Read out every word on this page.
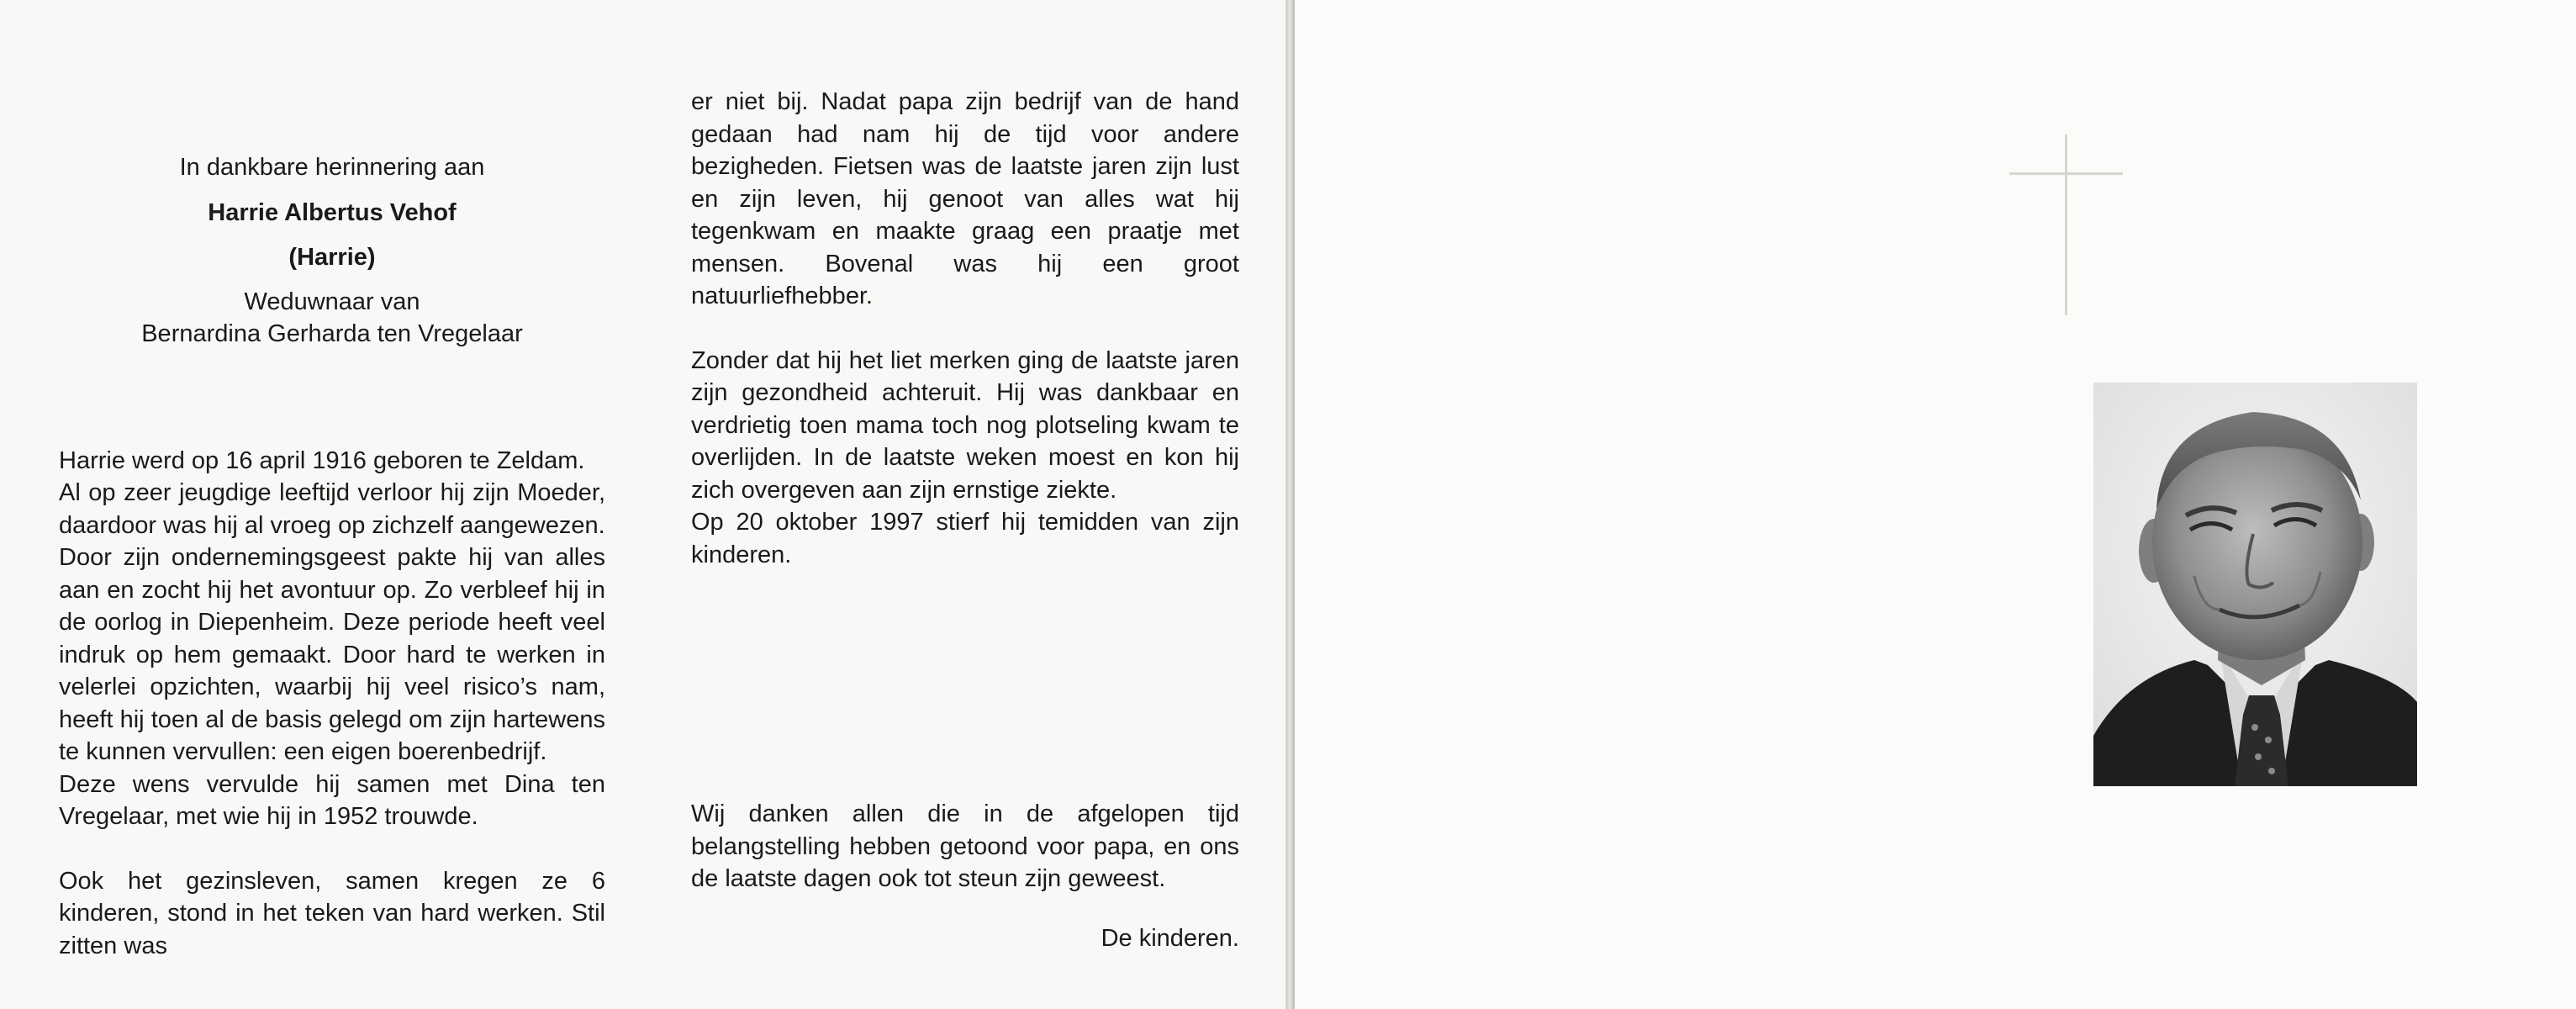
In dankbare herinnering aan
Harrie Albertus Vehof
(Harrie)
Weduwnaar van
Bernardina Gerharda ten Vregelaar

Harrie werd op 16 april 1916 geboren te Zeldam.

Al op zeer jeugdige leeftijd verloor hij zijn Moeder, daardoor was hij al vroeg op zichzelf aangewezen.

Door zijn ondernemingsgeest pakte hij van alles aan en zocht hij het avontuur op. Zo verbleef hij in de oorlog in Diepenheim. Deze periode heeft veel indruk op hem gemaakt. Door hard te werken in velerlei opzichten, waarbij hij veel risico’s nam, heeft hij toen al de basis gelegd om zijn hartewens te kunnen vervullen: een eigen boerenbedrijf.

Deze wens vervulde hij samen met Dina ten Vregelaar, met wie hij in 1952 trouwde.

Ook het gezinsleven, samen kregen ze 6 kinderen, stond in het teken van hard werken. Stil zitten was

er niet bij. Nadat papa zijn bedrijf van de hand gedaan had nam hij de tijd voor andere bezigheden. Fietsen was de laatste jaren zijn lust en zijn leven, hij genoot van alles wat hij tegenkwam en maakte graag een praatje met mensen. Bovenal was hij een groot natuurliefhebber.

Zonder dat hij het liet merken ging de laatste jaren zijn gezondheid achteruit. Hij was dankbaar en verdrietig toen mama toch nog plotseling kwam te overlijden. In de laatste weken moest en kon hij zich overgeven aan zijn ernstige ziekte.

Op 20 oktober 1997 stierf hij temidden van zijn kinderen.

Wij danken allen die in de afgelopen tijd belangstelling hebben getoond voor papa, en ons de laatste dagen ook tot steun zijn geweest.
De kinderen.
